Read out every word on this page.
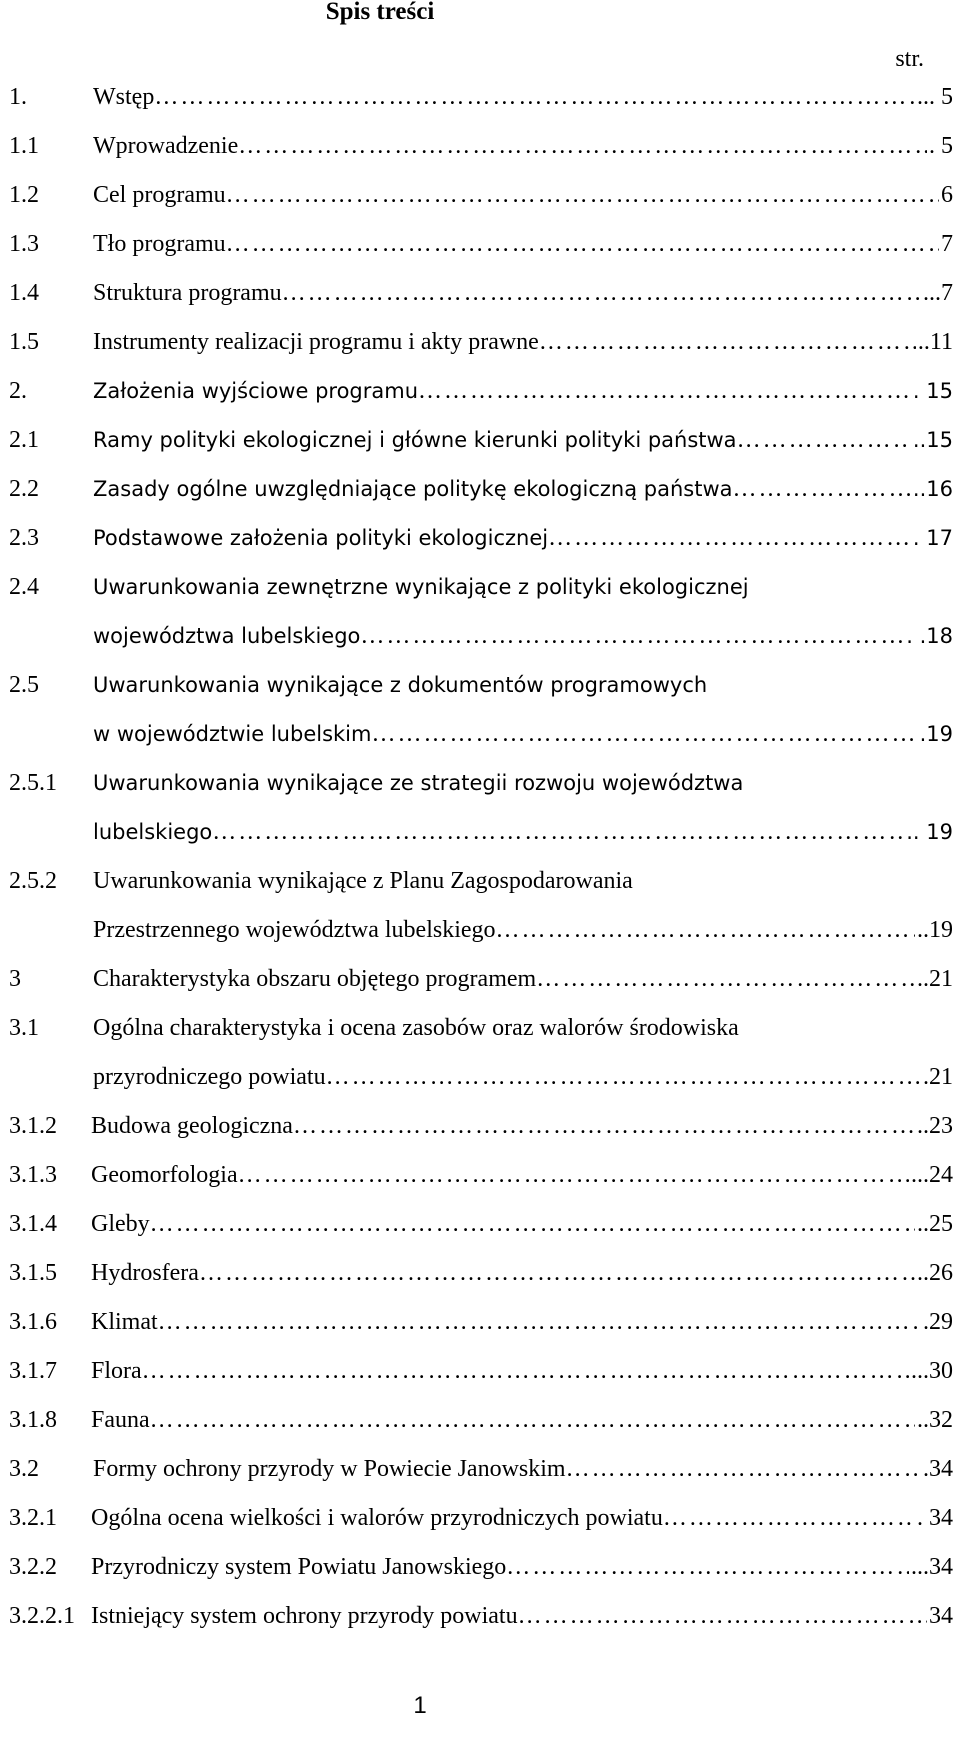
Spis treści
str.
1.	Wstęp ……………………………………………………………………………………………………………………………………………	... 5
1.1 Wprowadzenie ……………………………………………………………………………………………………………………………………………	. 5
1.2 Cel programu ……………………………………………………………………………………………………………………………………………	6
1.3 Tło programu ……………………………………………………………………………………………………………………………………………	7
1.4 Struktura programu ……………………………………………………………………………………………………………………………………………	...7
1.5 Instrumenty realizacji programu i akty prawne ……………………………………………………………………………………………………………………………………………	..11
2.	Założenia wyjściowe programu ……………………………………………………………………………………………………………………………………………	. 15
2.1	Ramy polityki ekologicznej i główne kierunki polityki państwa ……………………………………………………………………………………………………………………………………………	..15
2.2	Zasady ogólne uwzględniające politykę ekologiczną państwa ……………………………………………………………………………………………………………………………………………	..16
2.3	Podstawowe założenia polityki ekologicznej ……………………………………………………………………………………………………………………………………………	. 17
2.4	Uwarunkowania zewnętrzne wynikające z polityki ekologicznej
województwa lubelskiego ……………………………………………………………………………………………………………………………………………	. .18
2.5	Uwarunkowania wynikające z dokumentów programowych
w województwie lubelskim ……………………………………………………………………………………………………………………………………………	.19
2.5.1 Uwarunkowania wynikające ze strategii rozwoju województwa
lubelskiego ……………………………………………………………………………………………………………………………………………	.. 19
2.5.2 Uwarunkowania wynikające z Planu Zagospodarowania
Przestrzennego województwa lubelskiego ……………………………………………………………………………………………………………………………………………	..19
3	Charakterystyka obszaru objętego programem ……………………………………………………………………………………………………………………………………………	..21
3.1 Ogólna charakterystyka i ocena zasobów oraz walorów środowiska
przyrodniczego powiatu ……………………………………………………………………………………………………………………………………………	.21
3.1.2 Budowa geologiczna ……………………………………………………………………………………………………………………………………………	..23
3.1.3 Geomorfologia ……………………………………………………………………………………………………………………………………………	...24
3.1.4 Gleby ……………………………………………………………………………………………………………………………………………	..25
3.1.5 Hydrosfera ……………………………………………………………………………………………………………………………………………	..26
3.1.6 Klimat ……………………………………………………………………………………………………………………………………………	.29
3.1.7 Flora ……………………………………………………………………………………………………………………………………………	...30
3.1.8 Fauna ……………………………………………………………………………………………………………………………………………	..32
3.2 Formy ochrony przyrody w Powiecie Janowskim ……………………………………………………………………………………………………………………………………………	.34
3.2.1 Ogólna ocena wielkości i walorów przyrodniczych powiatu ……………………………………………………………………………………………………………………………………………	. 34
3.2.2 Przyrodniczy system Powiatu Janowskiego ……………………………………………………………………………………………………………………………………………	...34
3.2.2.1 Istniejący system ochrony przyrody powiatu ……………………………………………………………………………………………………………………………………………	34
1
